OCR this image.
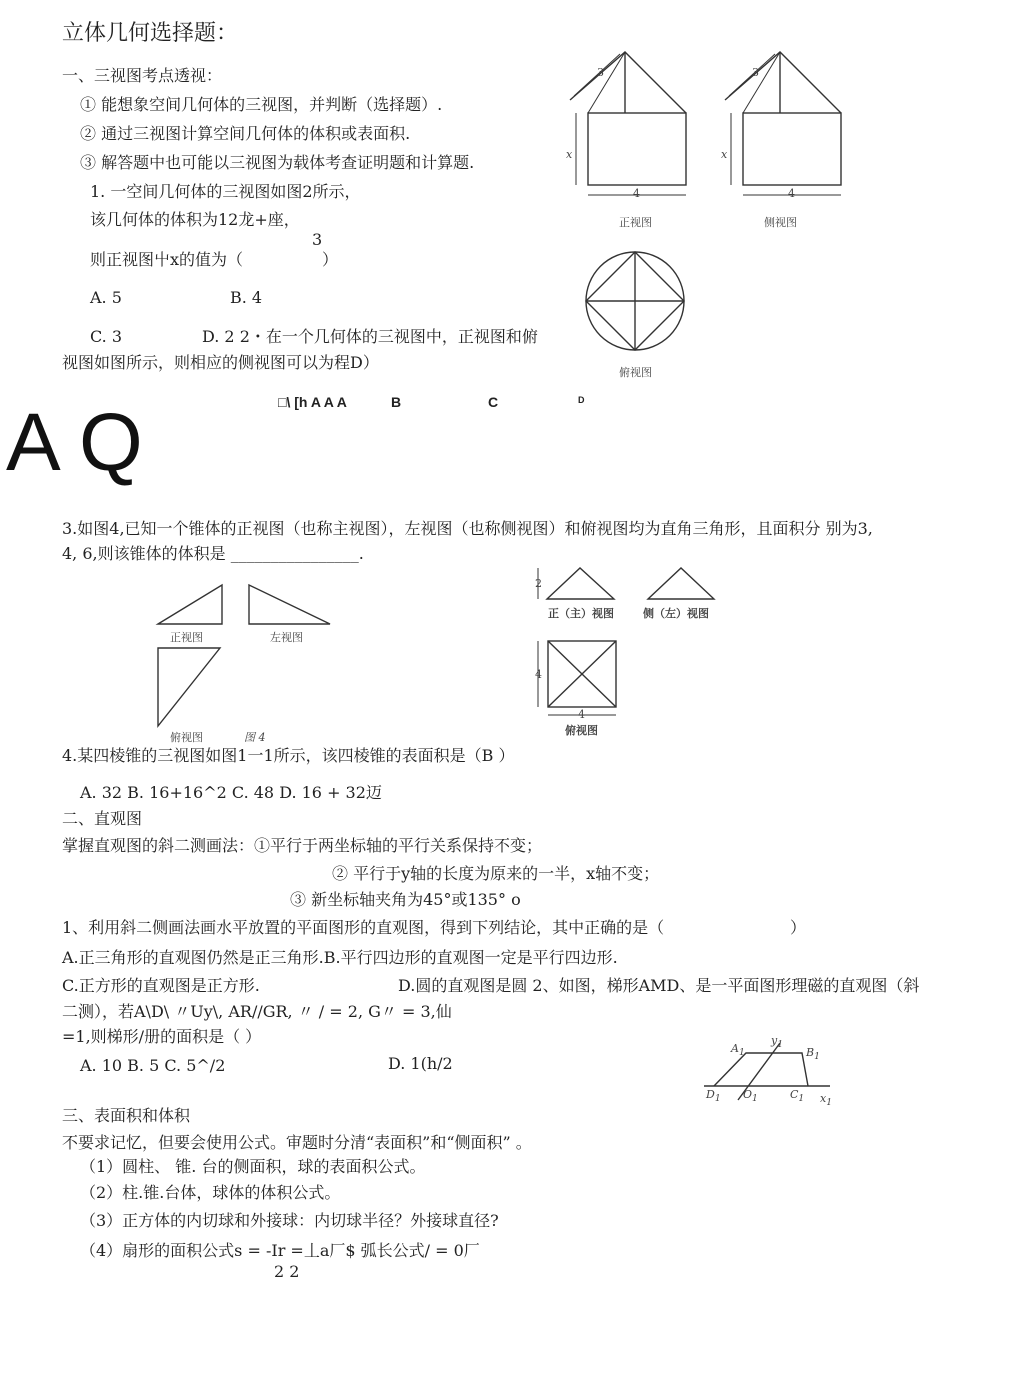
立体几何选择题：
一、三视图考点透视：
① 能想象空间几何体的三视图，并判断（选择题）.
② 通过三视图计算空间几何体的体积或表面积.
③ 解答题中也可能以三视图为载体考查证明题和计算题.
1. 一空间几何体的三视图如图2所示，
该几何体的体积为12龙+座，
3
则正视图屮x的值为（	）
A. 5	B. 4
C. 3	D. 2 2・在一个几何体的三视图中，正视图和俯
视图如图所示，则相应的侧视图可以为程D）
□\ [h A A A	B	C	D
A Q
3.如图4,已知一个锥体的正视图（也称主视图），左视图（也称侧视图）和俯视图均为直角三角形，且面积分 别为3,
4, 6,则该锥体的体积是 ________________.
3
x
4
正视图
3
x
4
侧视图
俯视图
正视图	左视图
俯视图	图 4
2
正（主）视图	侧（左）视图
4
4
俯视图
4.某四棱锥的三视图如图1一1所示，该四棱锥的表面积是（B ）
A. 32 B. 16+16^2 C. 48 D. 16 + 32迈
二、直观图
掌握直观图的斜二测画法：①平行于两坐标轴的平行关系保持不变；
② 平行于y轴的长度为原来的一半，x轴不变；
③ 新坐标轴夹角为45°或135° o
1、利用斜二侧画法画水平放置的平面图形的直观图，得到下列结论，其中正确的是（	）
A.正三角形的直观图仍然是正三角形.B.平行四边形的直观图一定是平行四边形.
C.正方形的直观图是正方形.	D.圆的直观图是圆 2、如图，梯形AMD、是一平面图形理磁的直观图（斜
二测），若A\D\ 〃Uy\, AR//GR, 〃 / = 2, G〃 = 3,仙
=1,则梯形/册的面积是（ ）
A. 10 B. 5 C. 5^/2	D. 1(h/2
$A_1$
$y_1$
$B_1$
$D_1$ $O_1$	$C_1$ $x_1$
三、表面积和体积
不要求记忆，但要会使用公式。审题时分清“表面积”和“侧面积” 。
（1）圆柱、 锥. 台的侧面积，球的表面积公式。
（2）柱.锥.台体，球体的体积公式。
（3）正方体的内切球和外接球：内切球半径？外接球直径?
（4）扇形的面积公式s = -Ir =丄a厂$ 弧长公式/ = 0厂
2 2
